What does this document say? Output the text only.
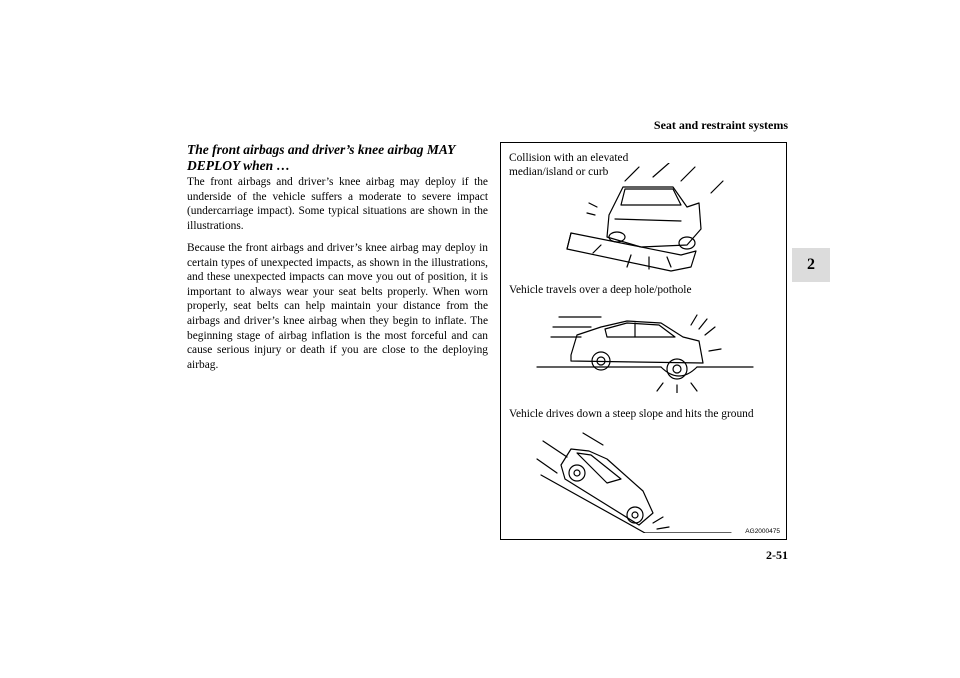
Seat and restraint systems
2
The front airbags and driver’s knee airbag MAY DEPLOY when …
The front airbags and driver’s knee airbag may deploy if the underside of the vehicle suffers a moderate to severe impact (undercarriage impact). Some typical situations are shown in the illustrations.
Because the front airbags and driver’s knee airbag may deploy in certain types of unexpected impacts, as shown in the illustrations, and these unexpected impacts can move you out of position, it is important to always wear your seat belts properly. When worn properly, seat belts can help maintain your distance from the airbags and driver’s knee airbag when they begin to inflate. The beginning stage of airbag inflation is the most forceful and can cause serious injury or death if you are close to the deploying airbag.
Collision with an elevated median/island or curb
Vehicle travels over a deep hole/pothole
Vehicle drives down a steep slope and hits the ground
AG2000475
2-51
